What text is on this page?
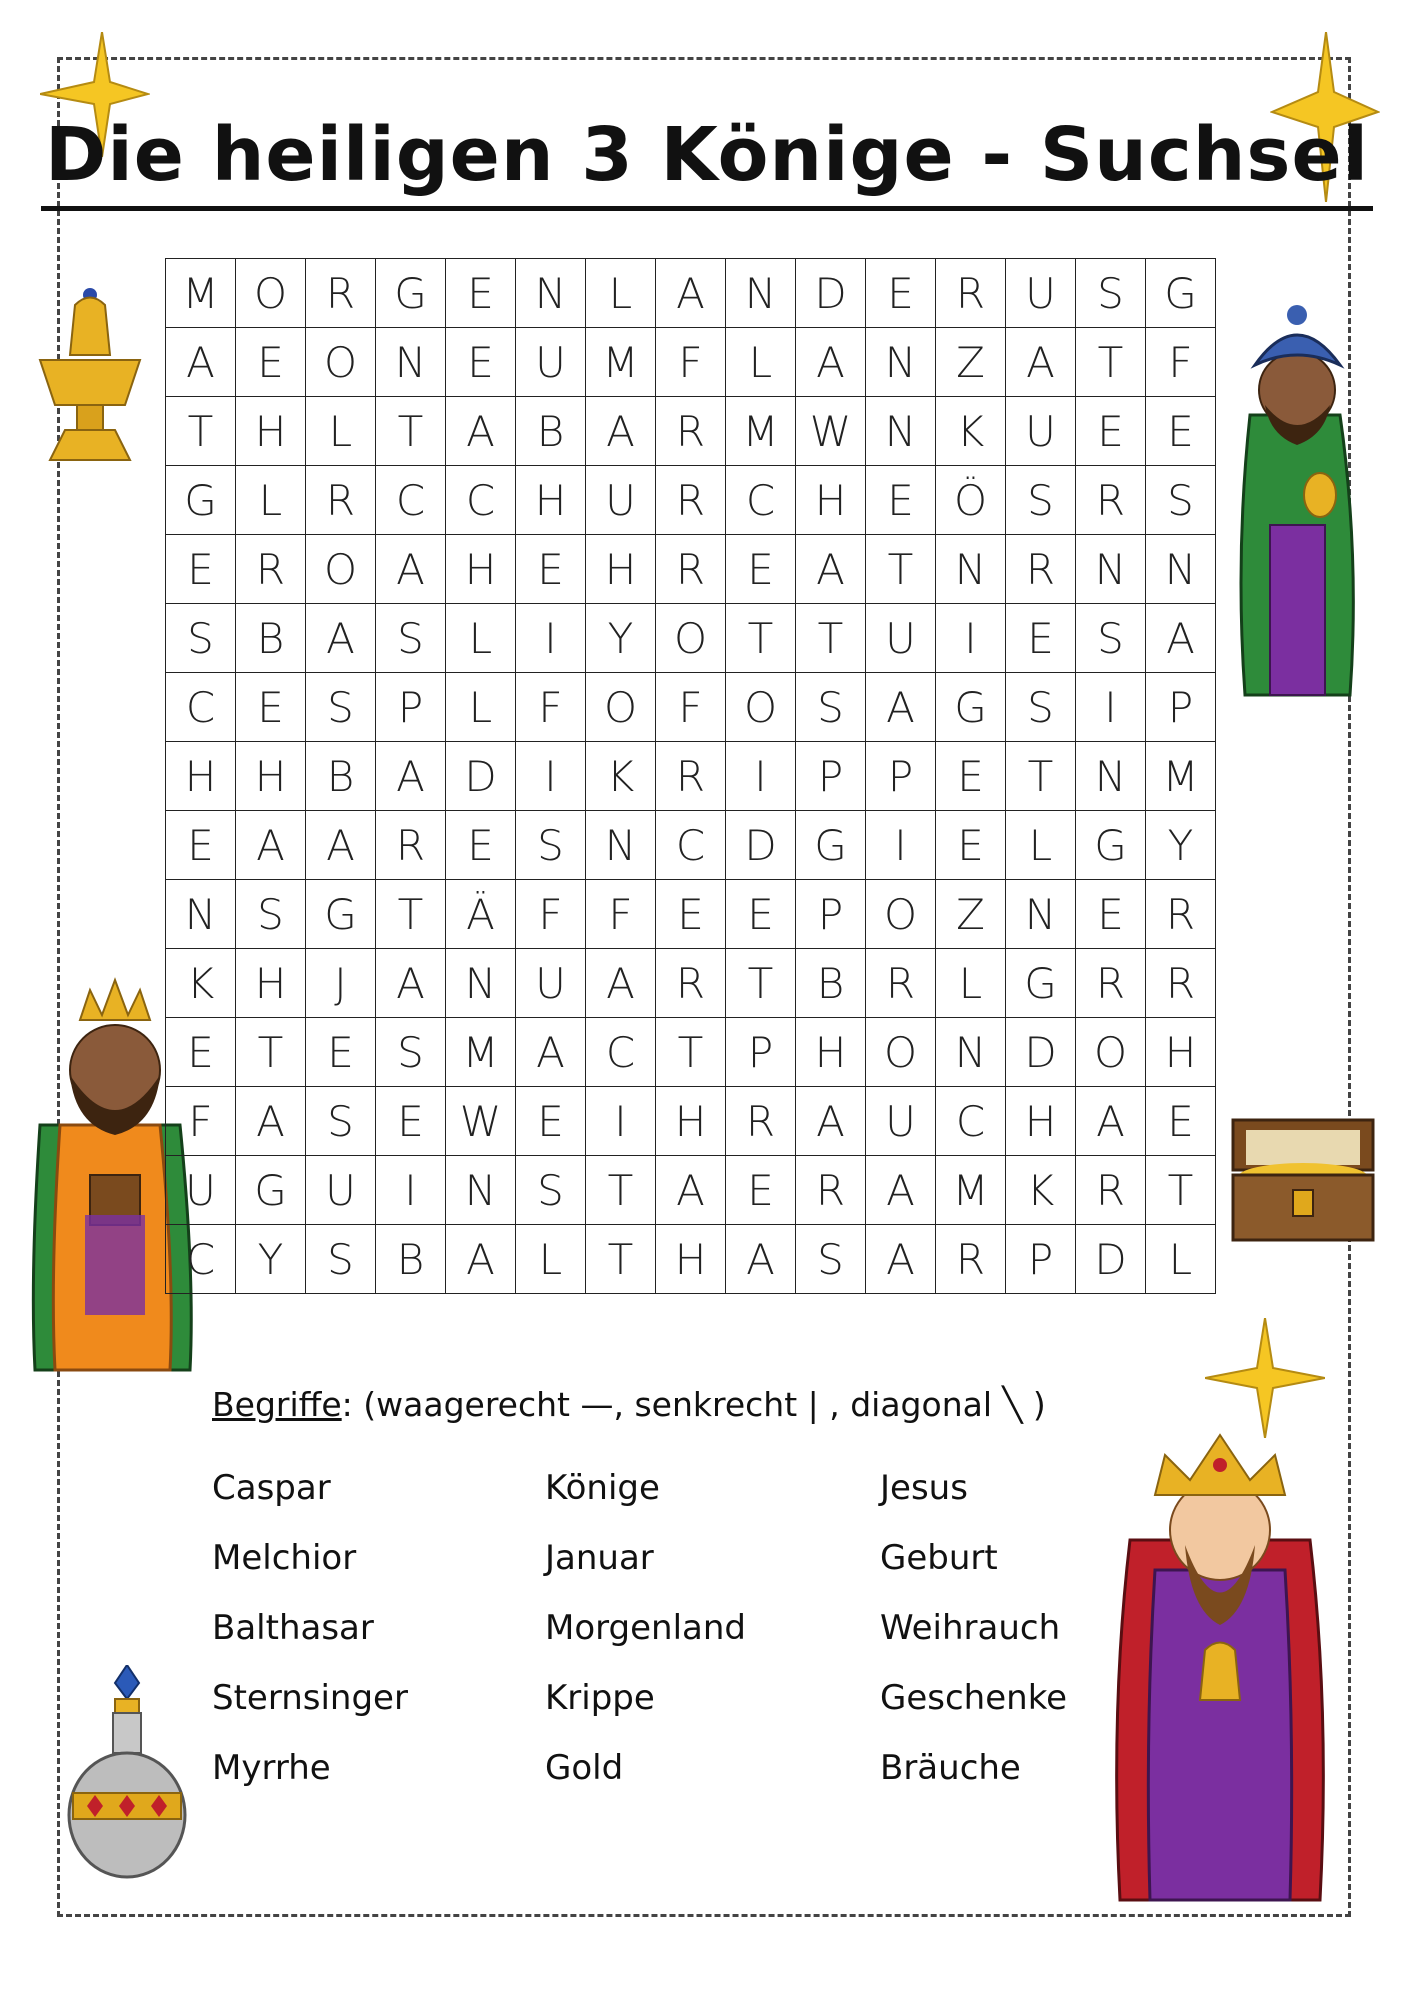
Die heiligen 3 Könige - Suchsel
M	O	R	G	E	N	L	A	N	D	E	R	U	S	G
A	E	O	N	E	U	M	F	L	A	N	Z	A	T	F
T	H	L	T	A	B	A	R	M	W	N	K	U	E	E
G	L	R	C	C	H	U	R	C	H	E	Ö	S	R	S
E	R	O	A	H	E	H	R	E	A	T	N	R	N	N
S	B	A	S	L	I	Y	O	T	T	U	I	E	S	A
C	E	S	P	L	F	O	F	O	S	A	G	S	I	P
H	H	B	A	D	I	K	R	I	P	P	E	T	N	M
E	A	A	R	E	S	N	C	D	G	I	E	L	G	Y
N	S	G	T	Ä	F	F	E	E	P	O	Z	N	E	R
K	H	J	A	N	U	A	R	T	B	R	L	G	R	R
E	T	E	S	M	A	C	T	P	H	O	N	D	O	H
F	A	S	E	W	E	I	H	R	A	U	C	H	A	E
U	G	U	I	N	S	T	A	E	R	A	M	K	R	T
C	Y	S	B	A	L	T	H	A	S	A	R	P	D	L
Begriffe: (waagerecht —, senkrecht | , diagonal ╲ )
Caspar
Melchior
Balthasar
Sternsinger
Myrrhe
Könige
Januar
Morgenland
Krippe
Gold
Jesus
Geburt
Weihrauch
Geschenke
Bräuche
